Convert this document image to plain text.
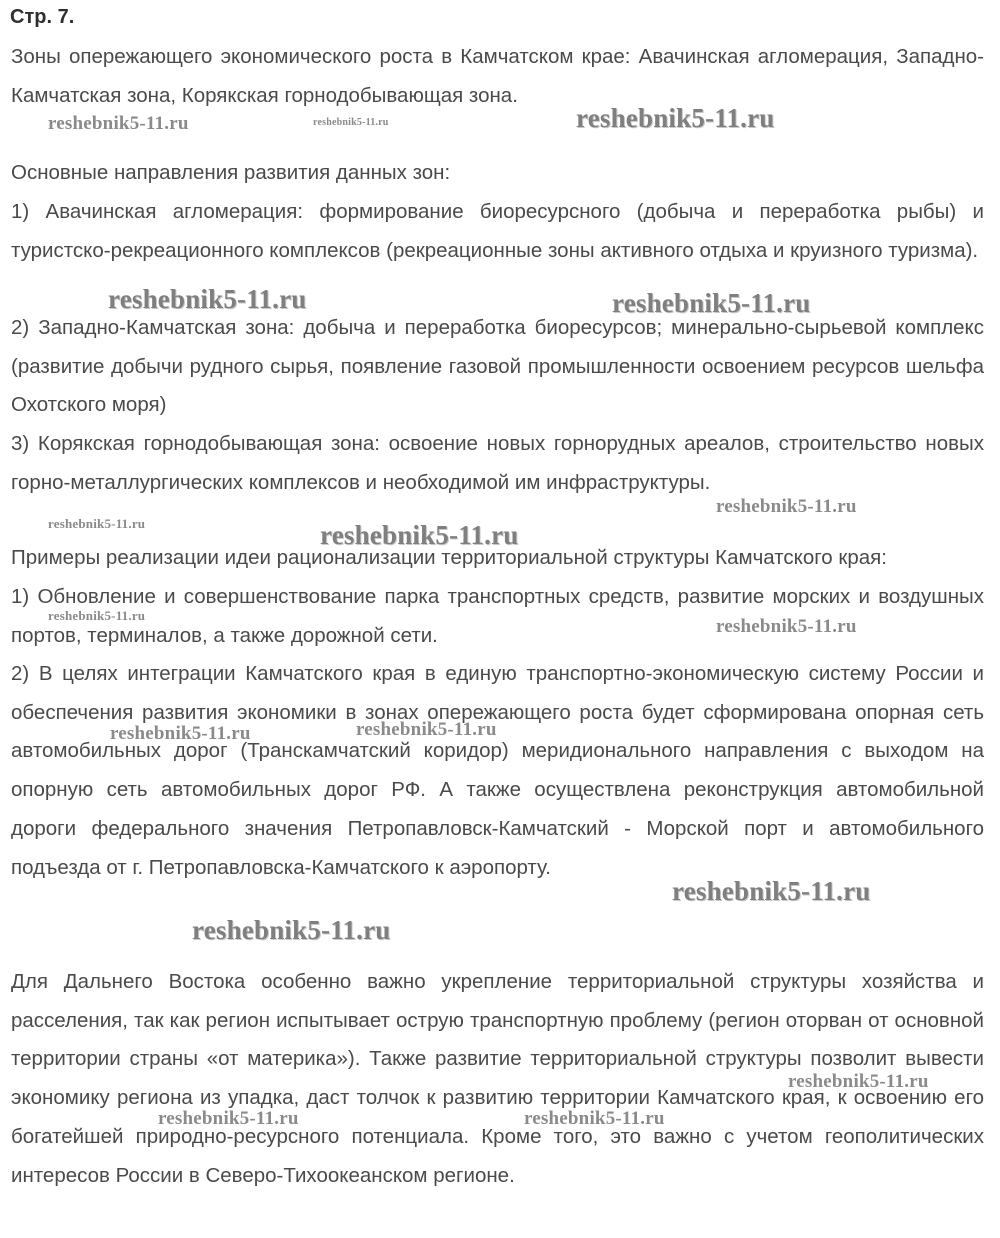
Стр. 7.

Зоны опережающего экономического роста в Камчатском крае: Авачинская агломерация, Западно-Камчатская зона, Корякская горнодобывающая зона.

Основные направления развития данных зон:

1) Авачинская агломерация: формирование биоресурсного (добыча и переработка рыбы) и туристско-рекреационного комплексов (рекреационные зоны активного отдыха и круизного туризма).

2) Западно-Камчатская зона: добыча и переработка биоресурсов; минерально-сырьевой комплекс (развитие добычи рудного сырья, появление газовой промышленности освоением ресурсов шельфа Охотского моря)

3) Корякская горнодобывающая зона: освоение новых горнорудных ареалов, строительство новых горно-металлургических комплексов и необходимой им инфраструктуры.

Примеры реализации идеи рационализации территориальной структуры Камчатского края:

1) Обновление и совершенствование парка транспортных средств, развитие морских и воздушных портов, терминалов, а также дорожной сети.

2) В целях интеграции Камчатского края в единую транспортно-экономическую систему России и обеспечения развития экономики в зонах опережающего роста будет сформирована опорная сеть автомобильных дорог (Транскамчатский коридор) меридионального направления с выходом на опорную сеть автомобильных дорог РФ. А также осуществлена реконструкция автомобильной дороги федерального значения Петропавловск-Камчатский - Морской порт и автомобильного подъезда от г. Петропавловска-Камчатского к аэропорту.

Для Дальнего Востока особенно важно укрепление территориальной структуры хозяйства и расселения, так как регион испытывает острую транспортную проблему (регион оторван от основной территории страны «от материка»). Также развитие территориальной структуры позволит вывести экономику региона из упадка, даст толчок к развитию территории Камчатского края, к освоению его богатейшей природно-ресурсного потенциала. Кроме того, это важно с учетом геополитических интересов России в Северо-Тихоокеанском регионе.

reshebnik5-11.ru	reshebnik5-11.ru	reshebnik5-11.ru
reshebnik5-11.ru	reshebnik5-11.ru
reshebnik5-11.ru
reshebnik5-11.ru	reshebnik5-11.ru
reshebnik5-11.ru
reshebnik5-11.ru
reshebnik5-11.ru
reshebnik5-11.ru
reshebnik5-11.ru
reshebnik5-11.ru
reshebnik5-11.ru
reshebnik5-11.ru	reshebnik5-11.ru
